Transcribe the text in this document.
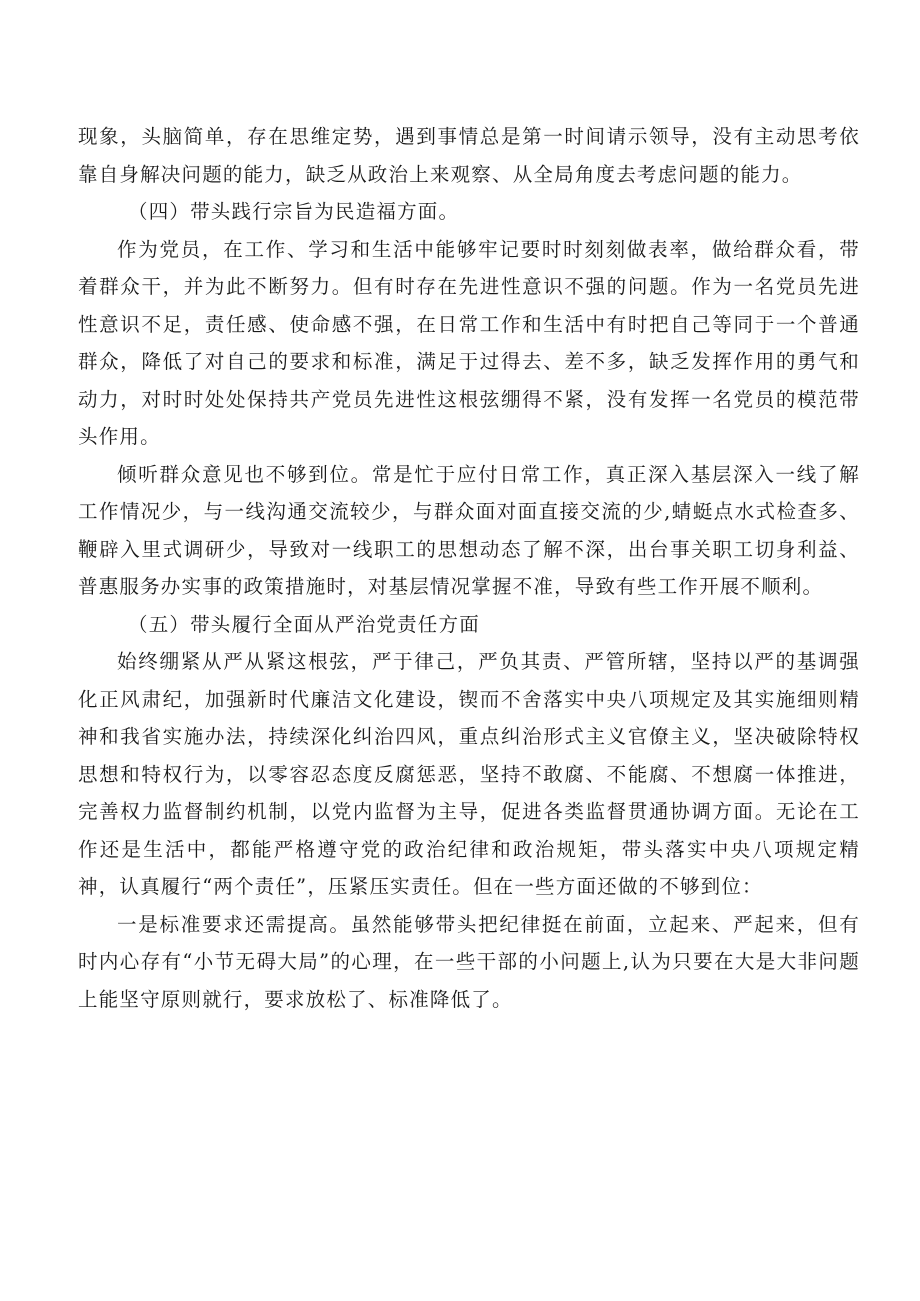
现象，头脑简单，存在思维定势，遇到事情总是第一时间请示领导，没有主动思考依靠自身解决问题的能力，缺乏从政治上来观察、从全局角度去考虑问题的能力。

（四）带头践行宗旨为民造福方面。

作为党员，在工作、学习和生活中能够牢记要时时刻刻做表率，做给群众看，带着群众干，并为此不断努力。但有时存在先进性意识不强的问题。作为一名党员先进性意识不足，责任感、使命感不强，在日常工作和生活中有时把自己等同于一个普通群众，降低了对自己的要求和标准，满足于过得去、差不多，缺乏发挥作用的勇气和动力，对时时处处保持共产党员先进性这根弦绷得不紧，没有发挥一名党员的模范带头作用。

倾听群众意见也不够到位。常是忙于应付日常工作，真正深入基层深入一线了解工作情况少，与一线沟通交流较少，与群众面对面直接交流的少,蜻蜓点水式检查多、鞭辟入里式调研少，导致对一线职工的思想动态了解不深，出台事关职工切身利益、普惠服务办实事的政策措施时，对基层情况掌握不准，导致有些工作开展不顺利。

（五）带头履行全面从严治党责任方面

始终绷紧从严从紧这根弦，严于律己，严负其责、严管所辖，坚持以严的基调强化正风肃纪，加强新时代廉洁文化建设，锲而不舍落实中央八项规定及其实施细则精神和我省实施办法，持续深化纠治四风，重点纠治形式主义官僚主义，坚决破除特权思想和特权行为，以零容忍态度反腐惩恶，坚持不敢腐、不能腐、不想腐一体推进，完善权力监督制约机制，以党内监督为主导，促进各类监督贯通协调方面。无论在工作还是生活中，都能严格遵守党的政治纪律和政治规矩，带头落实中央八项规定精神，认真履行“两个责任”，压紧压实责任。但在一些方面还做的不够到位：

一是标准要求还需提高。虽然能够带头把纪律挺在前面，立起来、严起来，但有时内心存有“小节无碍大局”的心理，在一些干部的小问题上,认为只要在大是大非问题上能坚守原则就行，要求放松了、标准降低了。
